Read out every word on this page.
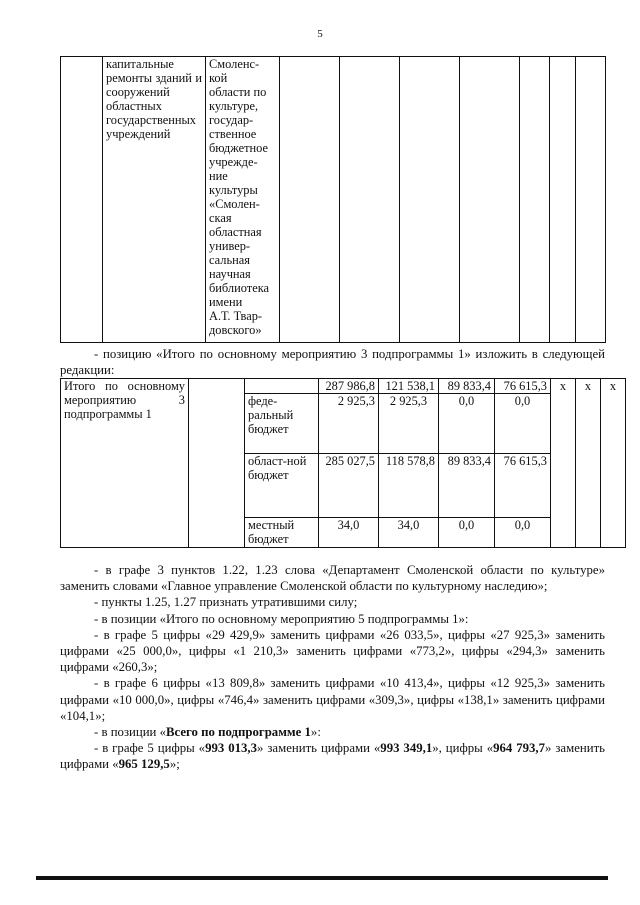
5
	капитальные ремонты зданий и сооружений областных государственных учреждений	
Смоленс-
кой
области по
культуре,
государ-
ственное
бюджетное
учрежде-
ние
культуры
«Смолен-
ская
областная
универ-
сальная
научная
библиотека
имени
А.Т. Твар-
довского»

- позицию «Итого по основному мероприятию 3 подпрограммы 1» изложить в следующей редакции:

Итого по основному мероприятию 3 подпрограммы 1			287 986,8	121 538,1	89 833,4	76 615,3	х	х	х
		феде-ральный бюджет	2 925,3	2 925,3	0,0	0,0			
		област-ной бюджет	285 027,5	118 578,8	89 833,4	76 615,3			
		местный бюджет	34,0	34,0	0,0	0,0			

- в графе 3 пунктов 1.22, 1.23 слова «Департамент Смоленской области по культуре» заменить словами «Главное управление Смоленской области по культурному наследию»;

- пункты 1.25, 1.27 признать утратившими силу;

- в позиции «Итого по основному мероприятию 5 подпрограммы 1»:

- в графе 5 цифры «29 429,9» заменить цифрами «26 033,5», цифры «27 925,3» заменить цифрами «25 000,0», цифры «1 210,3» заменить цифрами «773,2», цифры «294,3» заменить цифрами «260,3»;

- в графе 6 цифры «13 809,8» заменить цифрами «10 413,4», цифры «12 925,3» заменить цифрами «10 000,0», цифры «746,4» заменить цифрами «309,3», цифры «138,1» заменить цифрами «104,1»;

- в позиции «Всего по подпрограмме 1»:

- в графе 5 цифры «993 013,3» заменить цифрами «993 349,1», цифры «964 793,7» заменить цифрами «965 129,5»;
